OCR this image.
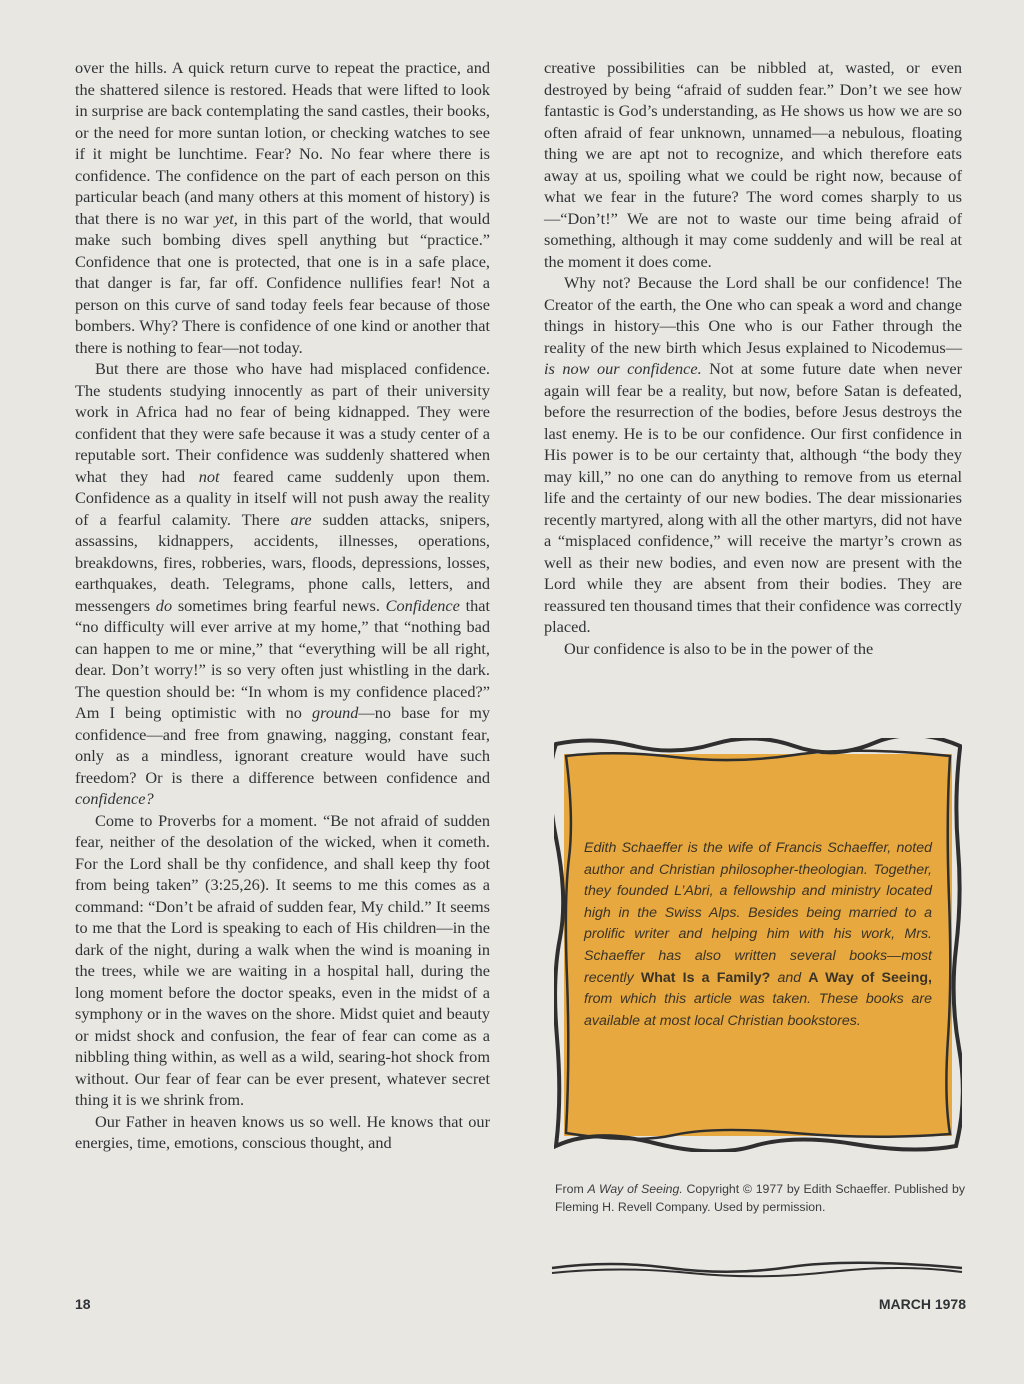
over the hills. A quick return curve to repeat the practice, and the shattered silence is restored. Heads that were lifted to look in surprise are back contemplating the sand castles, their books, or the need for more suntan lotion, or checking watches to see if it might be lunchtime. Fear? No. No fear where there is confidence. The confidence on the part of each person on this particular beach (and many others at this moment of history) is that there is no war yet, in this part of the world, that would make such bombing dives spell anything but “practice.” Confidence that one is protected, that one is in a safe place, that danger is far, far off. Confidence nullifies fear! Not a person on this curve of sand today feels fear because of those bombers. Why? There is confidence of one kind or another that there is nothing to fear—not today.

But there are those who have had misplaced confidence. The students studying innocently as part of their university work in Africa had no fear of being kidnapped. They were confident that they were safe because it was a study center of a reputable sort. Their confidence was suddenly shattered when what they had not feared came suddenly upon them. Confidence as a quality in itself will not push away the reality of a fearful calamity. There are sudden attacks, snipers, assassins, kidnappers, accidents, illnesses, operations, breakdowns, fires, robberies, wars, floods, depressions, losses, earthquakes, death. Telegrams, phone calls, letters, and messengers do sometimes bring fearful news. Confidence that “no difficulty will ever arrive at my home,” that “nothing bad can happen to me or mine,” that “everything will be all right, dear. Don’t worry!” is so very often just whistling in the dark. The question should be: “In whom is my confidence placed?” Am I being optimistic with no ground—no base for my confidence—and free from gnawing, nagging, constant fear, only as a mindless, ignorant creature would have such freedom? Or is there a difference between confidence and confidence?

Come to Proverbs for a moment. “Be not afraid of sudden fear, neither of the desolation of the wicked, when it cometh. For the Lord shall be thy confidence, and shall keep thy foot from being taken” (3:25,26). It seems to me this comes as a command: “Don’t be afraid of sudden fear, My child.” It seems to me that the Lord is speaking to each of His children—in the dark of the night, during a walk when the wind is moaning in the trees, while we are waiting in a hospital hall, during the long moment before the doctor speaks, even in the midst of a symphony or in the waves on the shore. Midst quiet and beauty or midst shock and confusion, the fear of fear can come as a nibbling thing within, as well as a wild, searing-hot shock from without. Our fear of fear can be ever present, whatever secret thing it is we shrink from.

Our Father in heaven knows us so well. He knows that our energies, time, emotions, conscious thought, and

creative possibilities can be nibbled at, wasted, or even destroyed by being “afraid of sudden fear.” Don’t we see how fantastic is God’s understanding, as He shows us how we are so often afraid of fear unknown, unnamed—a nebulous, floating thing we are apt not to recognize, and which therefore eats away at us, spoiling what we could be right now, because of what we fear in the future? The word comes sharply to us—“Don’t!” We are not to waste our time being afraid of something, although it may come suddenly and will be real at the moment it does come.

Why not? Because the Lord shall be our confidence! The Creator of the earth, the One who can speak a word and change things in history—this One who is our Father through the reality of the new birth which Jesus explained to Nicodemus—is now our confidence. Not at some future date when never again will fear be a reality, but now, before Satan is defeated, before the resurrection of the bodies, before Jesus destroys the last enemy. He is to be our confidence. Our first confidence in His power is to be our certainty that, although “the body they may kill,” no one can do anything to remove from us eternal life and the certainty of our new bodies. The dear missionaries recently martyred, along with all the other martyrs, did not have a “misplaced confidence,” will receive the martyr’s crown as well as their new bodies, and even now are present with the Lord while they are absent from their bodies. They are reassured ten thousand times that their confidence was correctly placed.

Our confidence is also to be in the power of the

Edith Schaeffer is the wife of Francis Schaeffer, noted author and Christian philosopher-theologian. Together, they founded L’Abri, a fellowship and ministry located high in the Swiss Alps. Besides being married to a prolific writer and helping him with his work, Mrs. Schaeffer has also written several books—most recently What Is a Family? and A Way of Seeing, from which this article was taken. These books are available at most local Christian bookstores.
From A Way of Seeing. Copyright © 1977 by Edith Schaeffer. Published by Fleming H. Revell Company. Used by permission.
18	MARCH 1978
